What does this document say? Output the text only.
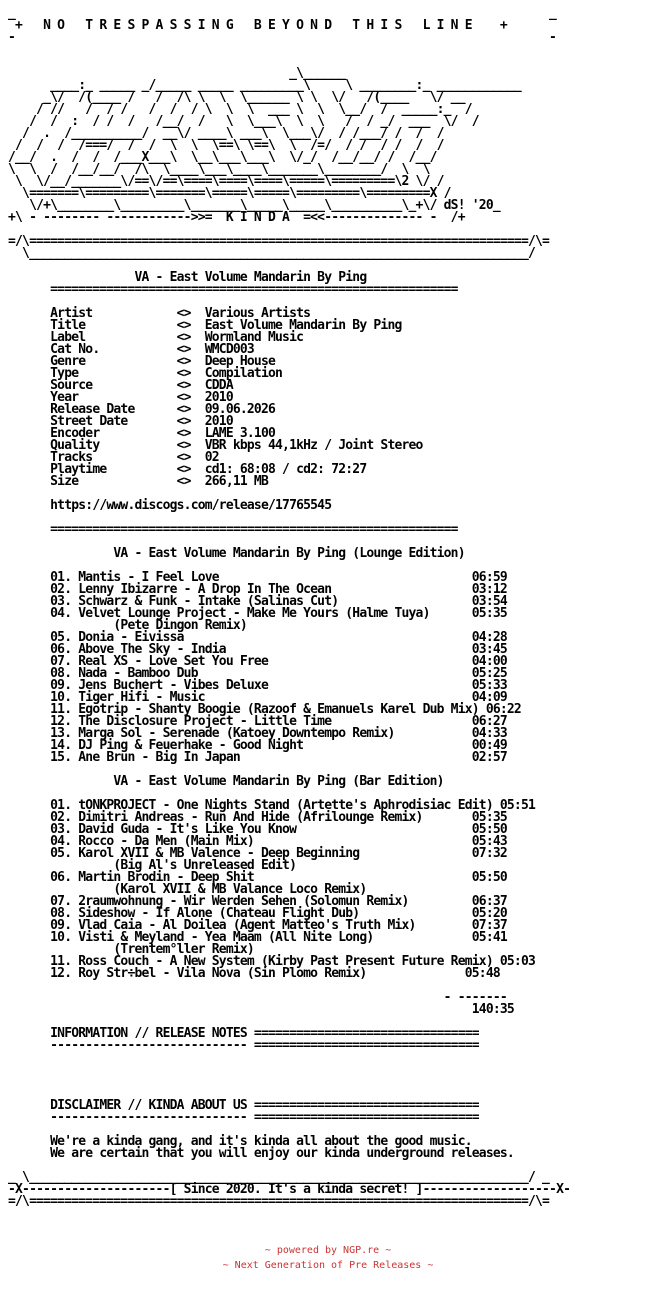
_                                                                            _
+   N O   T R E S P A S S I N G   B E Y O N D   T H I S   L I N E    +
-                                                                            -

_\______
____:_ _____ _/_____ _____ _________\     \ ________:_ ____________
_\/  /(____ /   /  /\ \  \  \______ \ \  \/   /(____   \/ __
/ //   /  / /   /  /  / \  \  \  ___ \  \  \__/  /  _____:_  /
/  /  :  / /  /   /__/  /   \  \___\  \  \   /  / _/  ___  \/  /
/  .  /__________/  __\/ ____\ ___\  \___\/  / /___/ /  /  /
/  /  /  /===/  /  /  \  \  \==\ \==\  \  /=/  / /  / /  /  /
/__/  .  /  /  /___X___\  \__\___\___\  \/_/  /__/__/ /  /__/
\  \  /  /__/__/  /\  \____\___\____\_______\________/  \  \
\  \/__/_______\/==\/==\====\====\====\=====\=========\2 \/ /
\=======\=========\=======\=====\=====\=========\=========X /
\/+\________\_________\_______\_____\_____\__________\_+\/ dS! '20_
+\ - -------- ------------>>=  K I N D A  =<<-------------- -  /+

=/\=======================================================================/\=
\_______________________________________________________________________/

VA - East Volume Mandarin By Ping
==========================================================

Artist            <>  Various Artists
Title             <>  East Volume Mandarin By Ping
Label             <>  Wormland Music
Cat No.           <>  WMCD003
Genre             <>  Deep House
Type              <>  Compilation
Source            <>  CDDA
Year              <>  2010
Release Date      <>  09.06.2026
Street Date       <>  2010
Encoder           <>  LAME 3.100
Quality           <>  VBR kbps 44,1kHz / Joint Stereo
Tracks            <>  02
Playtime          <>  cd1: 68:08 / cd2: 72:27
Size              <>  266,11 MB

https://www.discogs.com/release/17765545

==========================================================

VA - East Volume Mandarin By Ping (Lounge Edition)

01. Mantis - I Feel Love                                    06:59
02. Lenny Ibizarre - A Drop In The Ocean                    03:12
03. Schwarz & Funk - Intake (Salinas Cut)                   03:54
04. Velvet Lounge Project - Make Me Yours (Halme Tuya)      05:35
(Pete Dingon Remix)
05. Donia - Eivissa                                         04:28
06. Above The Sky - India                                   03:45
07. Real XS - Love Set You Free                             04:00
08. Nada - Bamboo Dub                                       05:25
09. Jens Buchert - Vibes Deluxe                             05:33
10. Tiger Hifi - Music                                      04:09
11. Egotrip - Shanty Boogie (Razoof & Emanuels Karel Dub Mix) 06:22
12. The Disclosure Project - Little Time                    06:27
13. Marga Sol - Serenade (Katoey Downtempo Remix)           04:33
14. DJ Ping & Feuerhake - Good Night                        00:49
15. Ane Brun - Big In Japan                                 02:57

VA - East Volume Mandarin By Ping (Bar Edition)

01. tONKPROJECT - One Nights Stand (Artette's Aphrodisiac Edit) 05:51
02. Dimitri Andreas - Run And Hide (Afrilounge Remix)       05:35
03. David Guda - It's Like You Know                         05:50
04. Rocco - Da Men (Main Mix)                               05:43
05. Karol XVII & MB Valence - Deep Beginning                07:32
(Big Al's Unreleased Edit)
06. Martin Brodin - Deep Shit                               05:50
(Karol XVII & MB Valance Loco Remix)
07. 2raumwohnung - Wir Werden Sehen (Solomun Remix)         06:37
08. Sideshow - If Alone (Chateau Flight Dub)                05:20
09. Vlad Caia - Al Doilea (Agent Matteo's Truth Mix)        07:37
10. Visti & Meyland - Yea Maam (All Nite Long)              05:41
(Trentem°ller Remix)
11. Ross Couch - A New System (Kirby Past Present Future Remix) 05:03
12. Roy Str÷bel - Vila Nova (Sin Plomo Remix)              05:48

- -------
140:35

INFORMATION // RELEASE NOTES ================================
---------------------------- ================================

DISCLAIMER // KINDA ABOUT US ================================
---------------------------- ================================

We're a kinda gang, and it's kinda all about the good music.
We are certain that you will enjoy our kinda underground releases.

_ \_______________________________________________________________________/ _
-X---------------------[ Since 2020. It's a kinda secret! ]-------------------X-
=/\=======================================================================/\=

~ powered by NGP.re ~
~ Next Generation of Pre Releases ~
